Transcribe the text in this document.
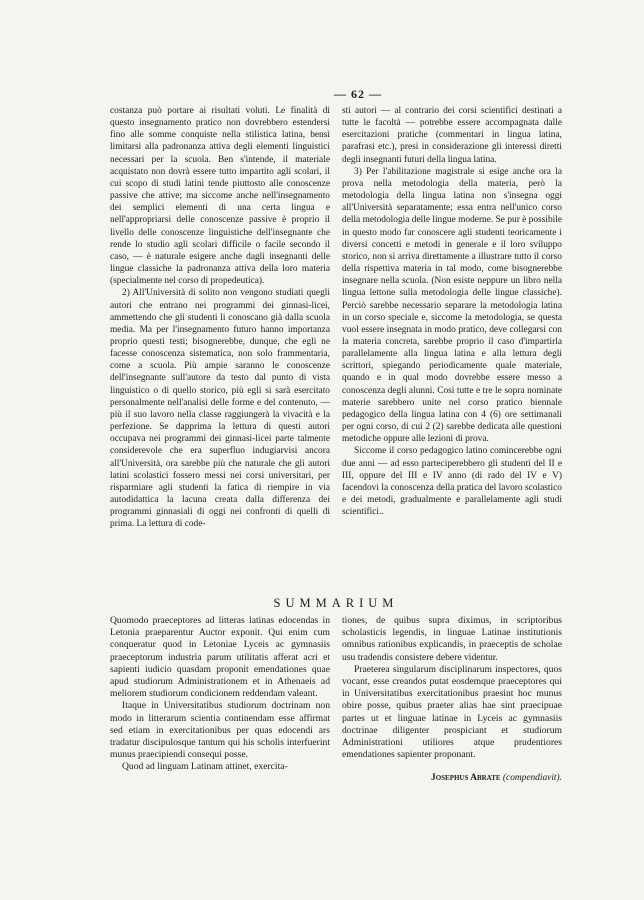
— 62 —

costanza può portare ai risultati voluti. Le finalità di questo insegnamento pratico non dovrebbero estendersi fino alle somme conquiste nella stilistica latina, bensì limitarsi alla padronanza attiva degli elementi linguistici necessari per la scuola. Ben s'intende, il materiale acquistato non dovrà essere tutto impartito agli scolari, il cui scopo di studi latini tende piuttosto alle conoscenze passive che attive; ma siccome anche nell'insegnamento dei semplici elementi di una certa lingua e nell'appropriarsi delle conoscenze passive è proprio il livello delle conoscenze linguistiche dell'insegnante che rende lo studio agli scolari difficile o facile secondo il caso, — è naturale esigere anche dagli insegnanti delle lingue classiche la padronanza attiva della loro materia (specialmente nel corso di propedeutica).

2) All'Università di solito non vengono studiati quegli autori che entrano nei programmi dei ginnasi-licei, ammettendo che gli studenti li conoscano già dalla scuola media. Ma per l'insegnamento futuro hanno importanza proprio questi testi; bisognerebbe, dunque, che egli ne facesse conoscenza sistematica, non solo frammentaria, come a scuola. Più ampie saranno le conoscenze dell'insegnante sull'autore da testo dal punto di vista linguistico o di quello storico, più egli si sarà esercitato personalmente nell'analisi delle forme e del contenuto, — più il suo lavoro nella classe raggiungerà la vivacità e la perfezione. Se dapprima la lettura di questi autori occupava nei programmi dei ginnasi-licei parte talmente considerevole che era superfluo indugiarvisi ancora all'Università, ora sarebbe più che naturale che gli autori latini scolastici fossero messi nei corsi universitari, per risparmiare agli studenti la fatica di riempire in via autodidattica la lacuna creata dalla differenza dei programmi ginnasiali di oggi nei confronti di quelli di prima. La lettura di code-

sti autori — al contrario dei corsi scientifici destinati a tutte le facoltà — potrebbe essere accompagnata dalle esercitazioni pratiche (commentari in lingua latina, parafrasi etc.), presi in considerazione gli interessi diretti degli insegnanti futuri della lingua latina.

3) Per l'abilitazione magistrale si esige anche ora la prova nella metodologia della materia, però la metodologia della lingua latina non s'insegna oggi all'Università separatamente; essa entra nell'unico corso della metodologia delle lingue moderne. Se pur è possibile in questo modo far conoscere agli studenti teoricamente i diversi concetti e metodi in generale e il loro sviluppo storico, non si arriva direttamente a illustrare tutto il corso della rispettiva materia in tal modo, come bisognerebbe insegnare nella scuola. (Non esiste neppure un libro nella lingua lettone sulla metodologia delle lingue classiche). Perciò sarebbe necessario separare la metodologia latina in un corso speciale e, siccome la metodologia, se questa vuol essere insegnata in modo pratico, deve collegarsi con la materia concreta, sarebbe proprio il caso d'impartirla parallelamente alla lingua latina e alla lettura degli scrittori, spiegando periodicamente quale materiale, quando e in qual modo dovrebbe essere messo a conoscenza degli alunni. Così tutte e tre le sopra nominate materie sarebbero unite nel corso pratico biennale pedagogico della lingua latina con 4 (6) ore settimanali per ogni corso, di cui 2 (2) sarebbe dedicata alle questioni metodiche oppure alle lezioni di prova.

Siccome il corso pedagogico latino comincerebbe ogni due anni — ad esso parteciperebbero gli studenti del II e III, oppure del III e IV anno (di rado del IV e V) facendovi la conoscenza della pratica del lavoro scolastico e dei metodi, gradualmente e parallelamente agli studi scientifici..

SUMMARIUM

Quomodo praeceptores ad litteras latinas edocendas in Letonia praeparentur Auctor exponit. Qui enim cum conqueratur quod in Letoniae Lyceis ac gymnasiis praeceptorum industria parum utilitatis afferat acri et sapienti iudicio quasdam proponit emendationes quae apud studiorum Administrationem et in Athenaeis ad meliorem studiorum condicionem reddendam valeant.

Itaque in Universitatibus studiorum doctrinam non modo in litterarum scientia continendam esse affirmat sed etiam in exercitationibus per quas edocendi ars tradatur discipulosque tantum qui his scholis interfuerint munus praecipiendi consequi posse.

Quod ad linguam Latinam attinet, exercita-

tiones, de quibus supra diximus, in scriptoribus scholasticis legendis, in linguae Latinae institutionis omnibus rationibus explicandis, in praeceptis de scholae usu tradendis consistere debere videntur.

Praeterea singularum disciplinarum inspectores, quos vocant, esse creandos putat eosdemque praeceptores qui in Universitatibus exercitationibus praesint hoc munus obire posse, quibus praeter alias hae sint praecipuae partes ut et linguae latinae in Lyceis ac gymnasiis doctrinae diligenter prospiciant et studiorum Administrationi utiliores atque prudentiores emendationes sapienter proponant.

Josephus Abrate (compendiavit).
